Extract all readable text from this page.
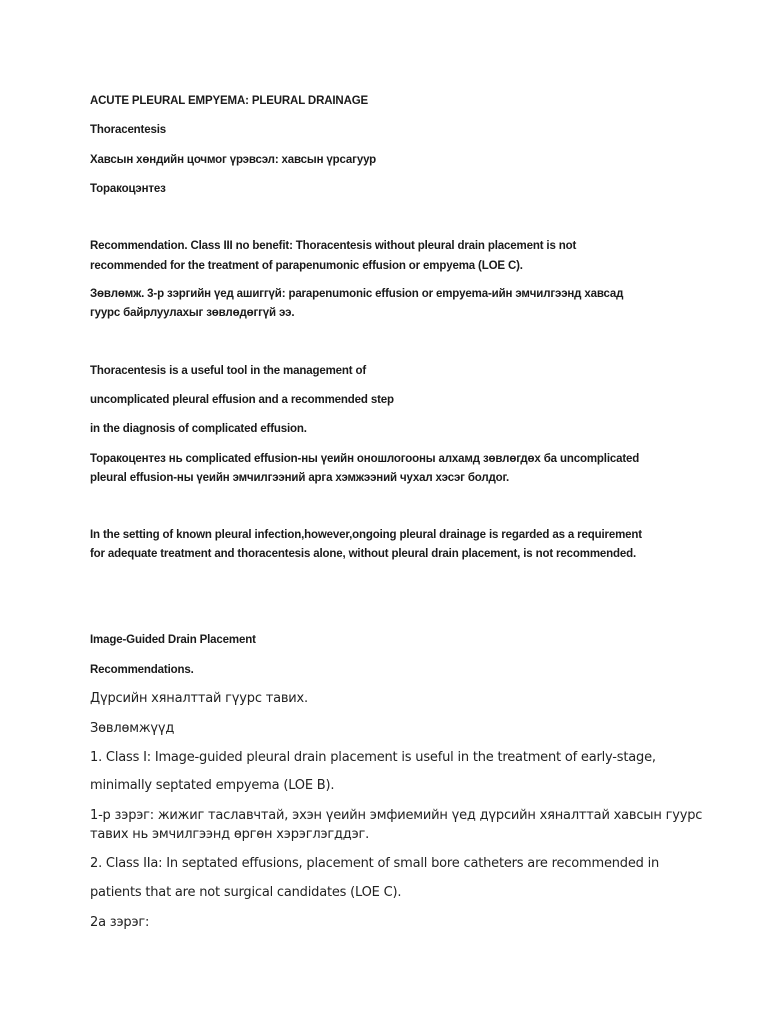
ACUTE PLEURAL EMPYEMA: PLEURAL DRAINAGE

Thoracentesis

Хавсын хөндийн цочмог үрэвсэл: хавсын үрсагуур

Торакоцэнтез

Recommendation. Class III no benefit: Thoracentesis without pleural drain placement is not

recommended for the treatment of parapenumonic effusion or empyema (LOE C).

Зөвлөмж. 3-р зэргийн үед ашиггүй: parapenumonic effusion or empyema-ийн эмчилгээнд хавсад

гуурс байрлуулахыг зөвлөдөггүй ээ.

Thoracentesis is a useful tool in the management of

uncomplicated pleural effusion and a recommended step

in the diagnosis of complicated effusion.

Торакоцентез нь complicated effusion-ны үеийн оношлогооны алхамд зөвлөгдөх ба uncomplicated

pleural effusion-ны үеийн эмчилгээний арга хэмжээний чухал хэсэг болдог.

In the setting of known pleural infection,however,ongoing pleural drainage is regarded as a requirement

for adequate treatment and thoracentesis alone, without pleural drain placement, is not recommended.

Image-Guided Drain Placement

Recommendations.

Дүрсийн хяналттай гүурс тавих.

Зөвлөмжүүд

1. Class I: Image-guided pleural drain placement is useful in the treatment of early-stage,

minimally septated empyema (LOE B).

1-р зэрэг: жижиг таславчтай, эхэн үеийн эмфиемийн үед дүрсийн хяналттай хавсын гуурс

тавих нь эмчилгээнд өргөн хэрэглэгддэг.

2. Class IIa: In septated effusions, placement of small bore catheters are recommended in

patients that are not surgical candidates (LOE C).

2а зэрэг:
